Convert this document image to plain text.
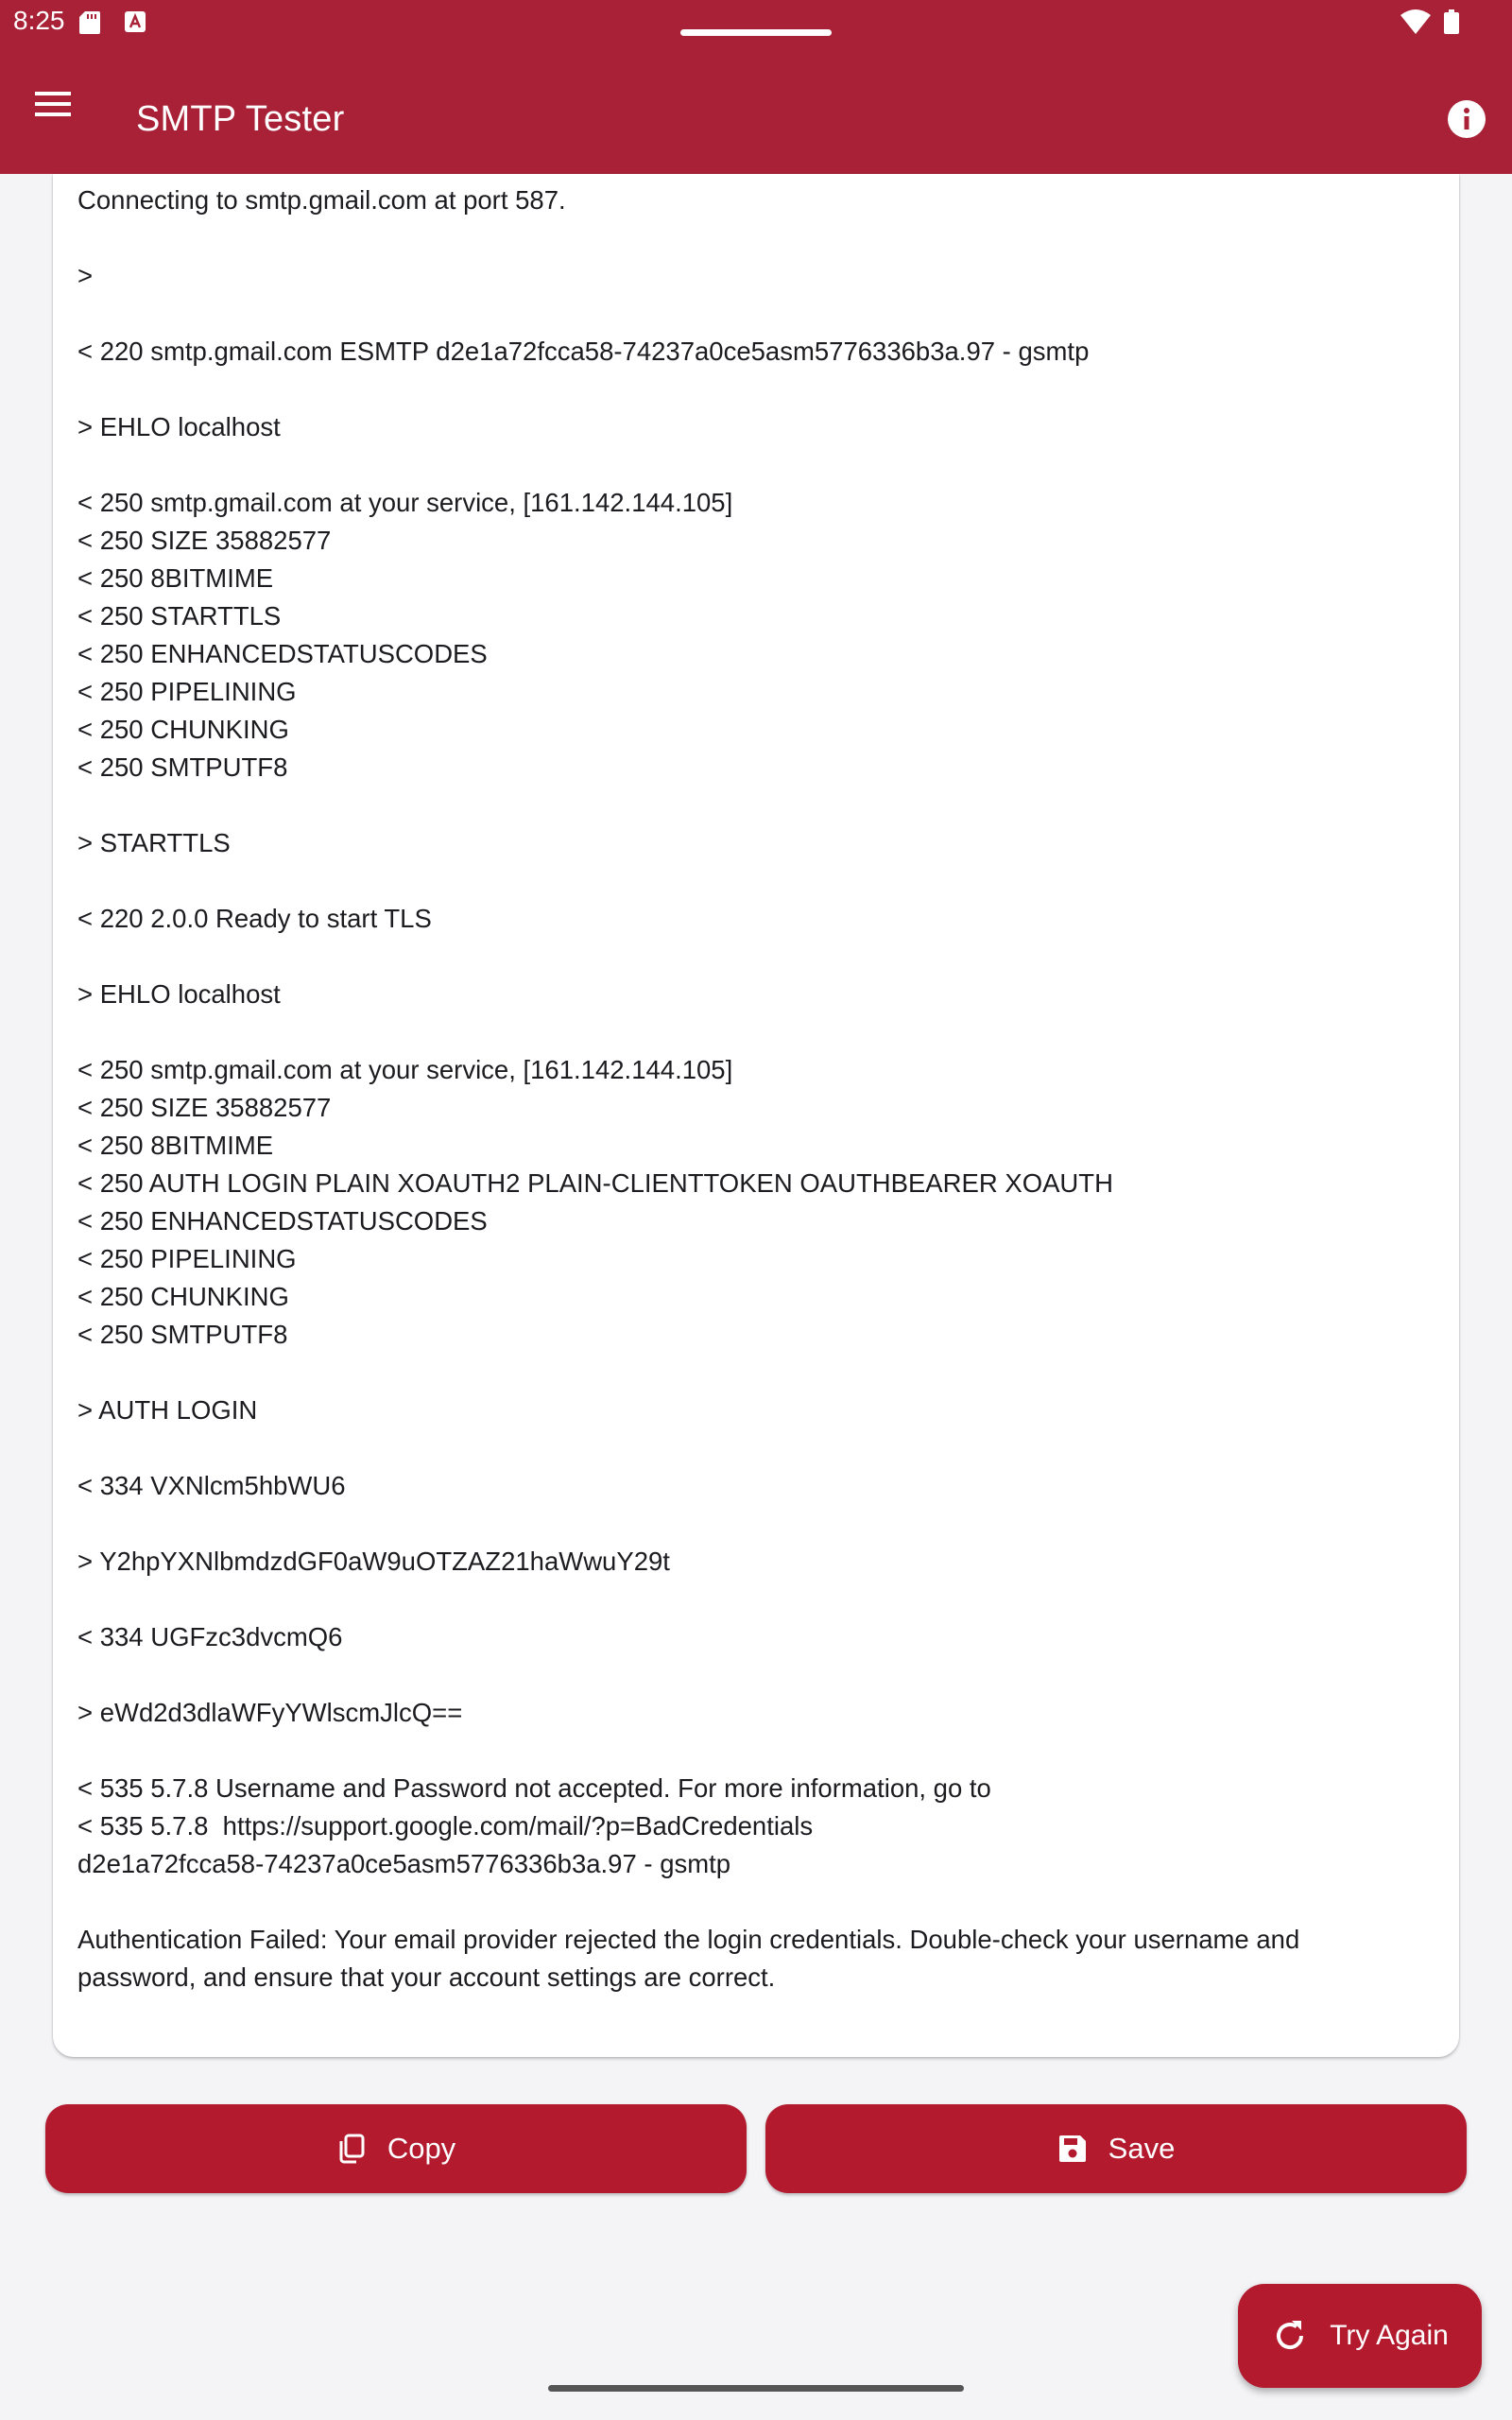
8:25
SMTP Tester
Connecting to smtp.gmail.com at port 587.
>
< 220 smtp.gmail.com ESMTP d2e1a72fcca58-74237a0ce5asm5776336b3a.97 - gsmtp
> EHLO localhost
< 250 smtp.gmail.com at your service, [161.142.144.105]
< 250 SIZE 35882577
< 250 8BITMIME
< 250 STARTTLS
< 250 ENHANCEDSTATUSCODES
< 250 PIPELINING
< 250 CHUNKING
< 250 SMTPUTF8
> STARTTLS
< 220 2.0.0 Ready to start TLS
> EHLO localhost
< 250 smtp.gmail.com at your service, [161.142.144.105]
< 250 SIZE 35882577
< 250 8BITMIME
< 250 AUTH LOGIN PLAIN XOAUTH2 PLAIN-CLIENTTOKEN OAUTHBEARER XOAUTH
< 250 ENHANCEDSTATUSCODES
< 250 PIPELINING
< 250 CHUNKING
< 250 SMTPUTF8
> AUTH LOGIN
< 334 VXNlcm5hbWU6
> Y2hpYXNlbmdzdGF0aW9uOTZAZ21haWwuY29t
< 334 UGFzc3dvcmQ6
> eWd2d3dlaWFyYWlscmJlcQ==
< 535 5.7.8 Username and Password not accepted. For more information, go to
< 535 5.7.8  https://support.google.com/mail/?p=BadCredentials
d2e1a72fcca58-74237a0ce5asm5776336b3a.97 - gsmtp
Authentication Failed: Your email provider rejected the login credentials. Double-check your username and
password, and ensure that your account settings are correct.
Copy	Save
Try Again
